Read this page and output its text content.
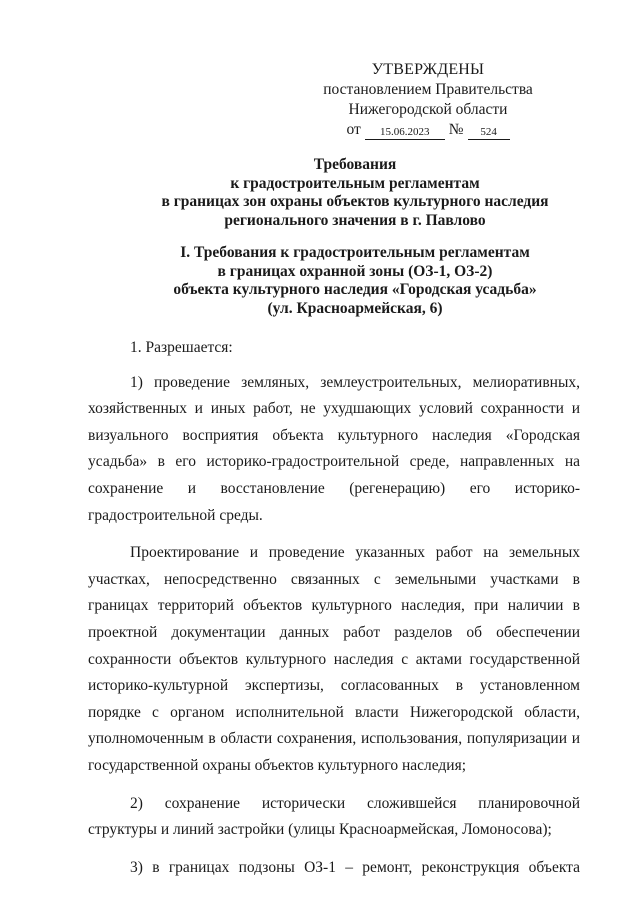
УТВЕРЖДЕНЫ
постановлением Правительства
Нижегородской области
от	15.06.2023	№	524
Требования
к градостроительным регламентам
в границах зон охраны объектов культурного наследия
регионального значения в г. Павлово
I. Требования к градостроительным регламентам
в границах охранной зоны (ОЗ-1, ОЗ-2)
объекта культурного наследия «Городская усадьба»
(ул. Красноармейская, 6)

1. Разрешается:

1) проведение земляных, землеустроительных, мелиоративных, хозяйственных и иных работ, не ухудшающих условий сохранности и визуального восприятия объекта культурного наследия «Городская усадьба» в его историко-градостроительной среде, направленных на сохранение и восстановление (регенерацию) его историко-градостроительной среды.

Проектирование и проведение указанных работ на земельных участках, непосредственно связанных с земельными участками в границах территорий объектов культурного наследия, при наличии в проектной документации данных работ разделов об обеспечении сохранности объектов культурного наследия с актами государственной историко-культурной экспертизы, согласованных в установленном порядке с органом исполнительной власти Нижегородской области, уполномоченным в области сохранения, использования, популяризации и государственной охраны объектов культурного наследия;

2) сохранение исторически сложившейся планировочной структуры и линий застройки (улицы Красноармейская, Ломоносова);

3) в границах подзоны ОЗ-1 – ремонт, реконструкция объекта
